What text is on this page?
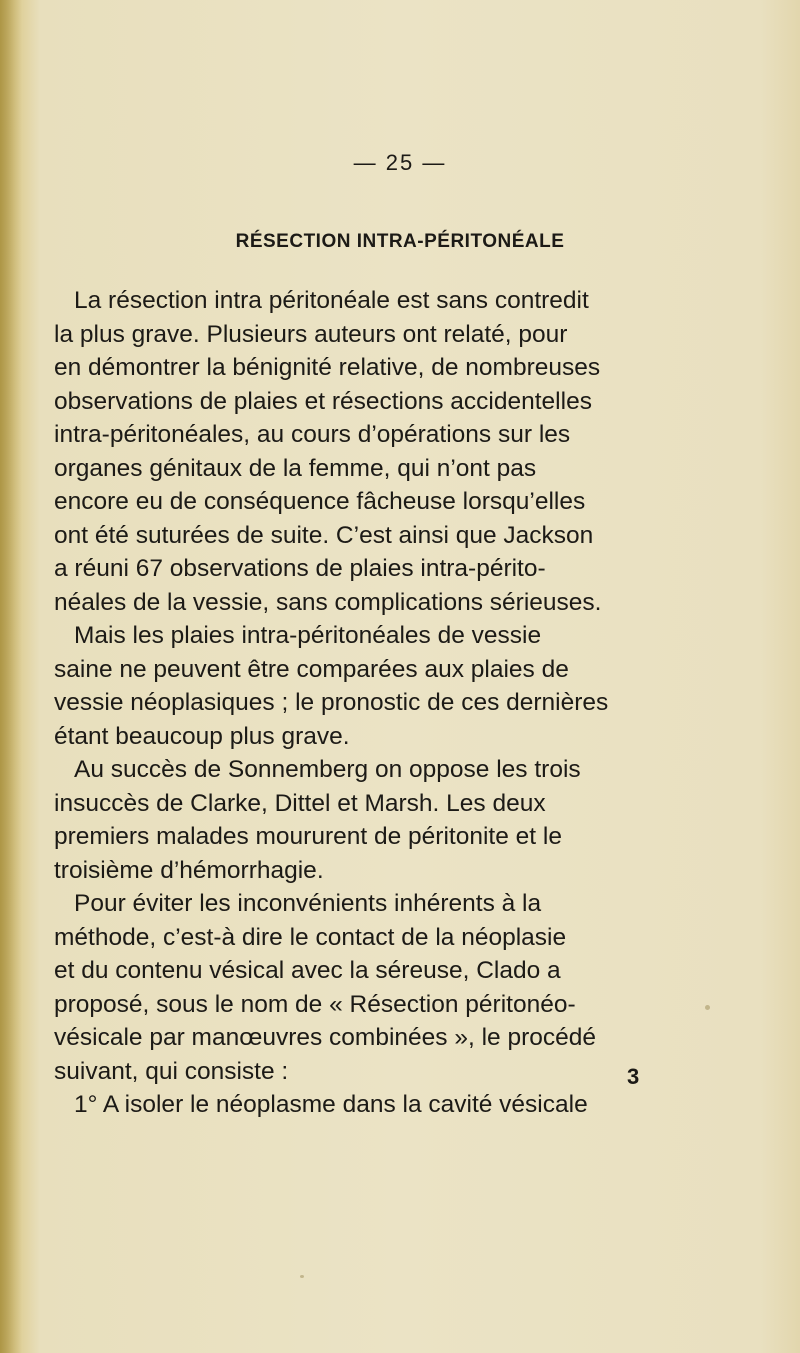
— 25 —
RÉSECTION INTRA-PÉRITONÉALE
La résection intra péritonéale est sans contredit
la plus grave. Plusieurs auteurs ont relaté, pour
en démontrer la bénignité relative, de nombreuses
observations de plaies et résections accidentelles
intra-péritonéales, au cours d’opérations sur les
organes génitaux de la femme, qui n’ont pas
encore eu de conséquence fâcheuse lorsqu’elles
ont été suturées de suite. C’est ainsi que Jackson
a réuni 67 observations de plaies intra-périto-
néales de la vessie, sans complications sérieuses.
Mais les plaies intra-péritonéales de vessie
saine ne peuvent être comparées aux plaies de
vessie néoplasiques ; le pronostic de ces dernières
étant beaucoup plus grave.
Au succès de Sonnemberg on oppose les trois
insuccès de Clarke, Dittel et Marsh. Les deux
premiers malades moururent de péritonite et le
troisième d’hémorrhagie.
Pour éviter les inconvénients inhérents à la
méthode, c’est-à dire le contact de la néoplasie
et du contenu vésical avec la séreuse, Clado a
proposé, sous le nom de « Résection péritonéo-
vésicale par manœuvres combinées », le procédé
suivant, qui consiste :
1° A isoler le néoplasme dans la cavité vésicale
3
